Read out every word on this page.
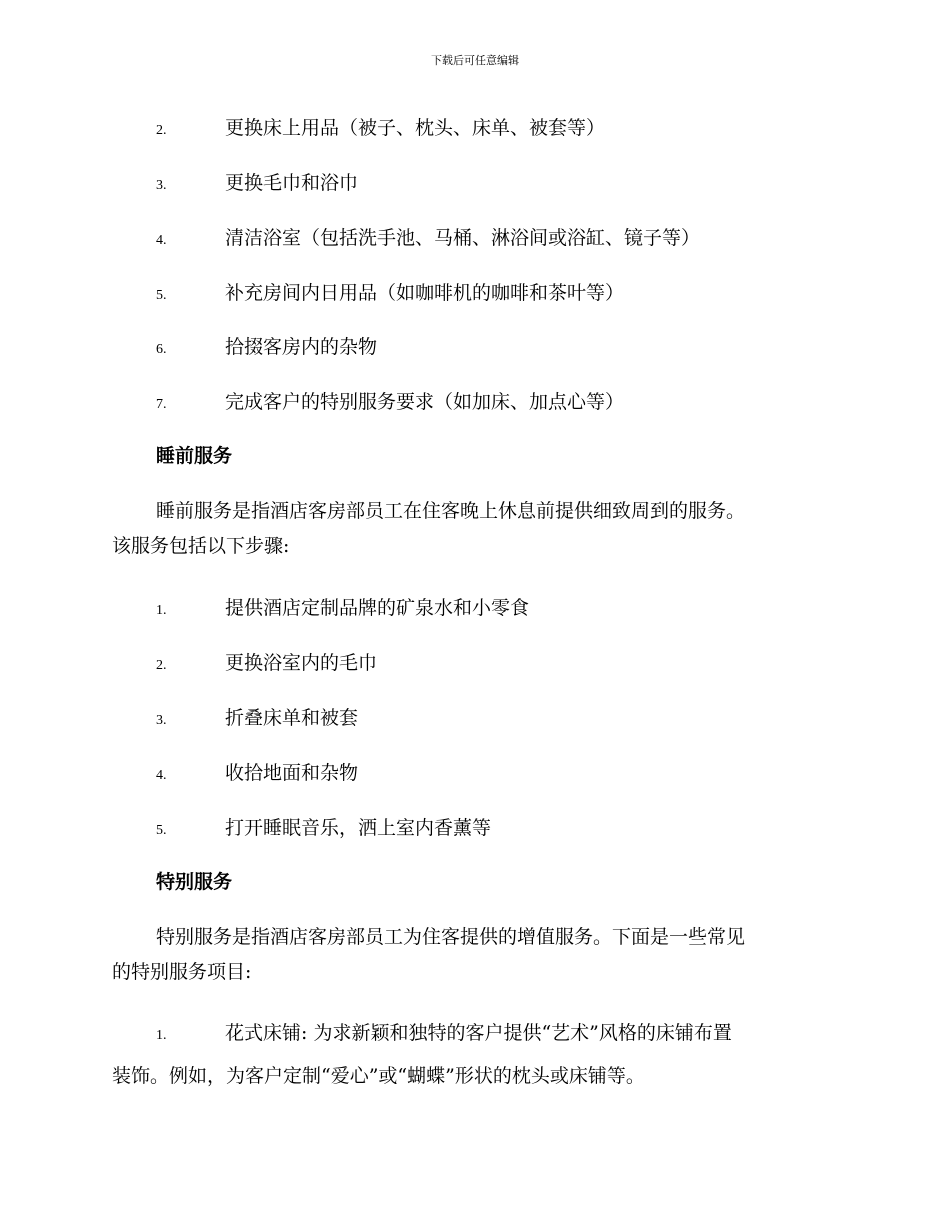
下载后可任意编辑
2.	更换床上用品（被子、枕头、床单、被套等）
3.	更换毛巾和浴巾
4.	清洁浴室（包括洗手池、马桶、淋浴间或浴缸、镜子等）
5.	补充房间内日用品（如咖啡机的咖啡和茶叶等）
6.	拾掇客房内的杂物
7.	完成客户的特别服务要求（如加床、加点心等）
睡前服务
睡前服务是指酒店客房部员工在住客晚上休息前提供细致周到的服务。
该服务包括以下步骤:
1.	提供酒店定制品牌的矿泉水和小零食
2.	更换浴室内的毛巾
3.	折叠床单和被套
4.	收拾地面和杂物
5.	打开睡眠音乐，洒上室内香薰等
特别服务
特别服务是指酒店客房部员工为住客提供的增值服务。下面是一些常见
的特别服务项目:
1.	花式床铺: 为求新颖和独特的客户提供“艺术”风格的床铺布置
装饰。例如，为客户定制“爱心”或“蝴蝶”形状的枕头或床铺等。
